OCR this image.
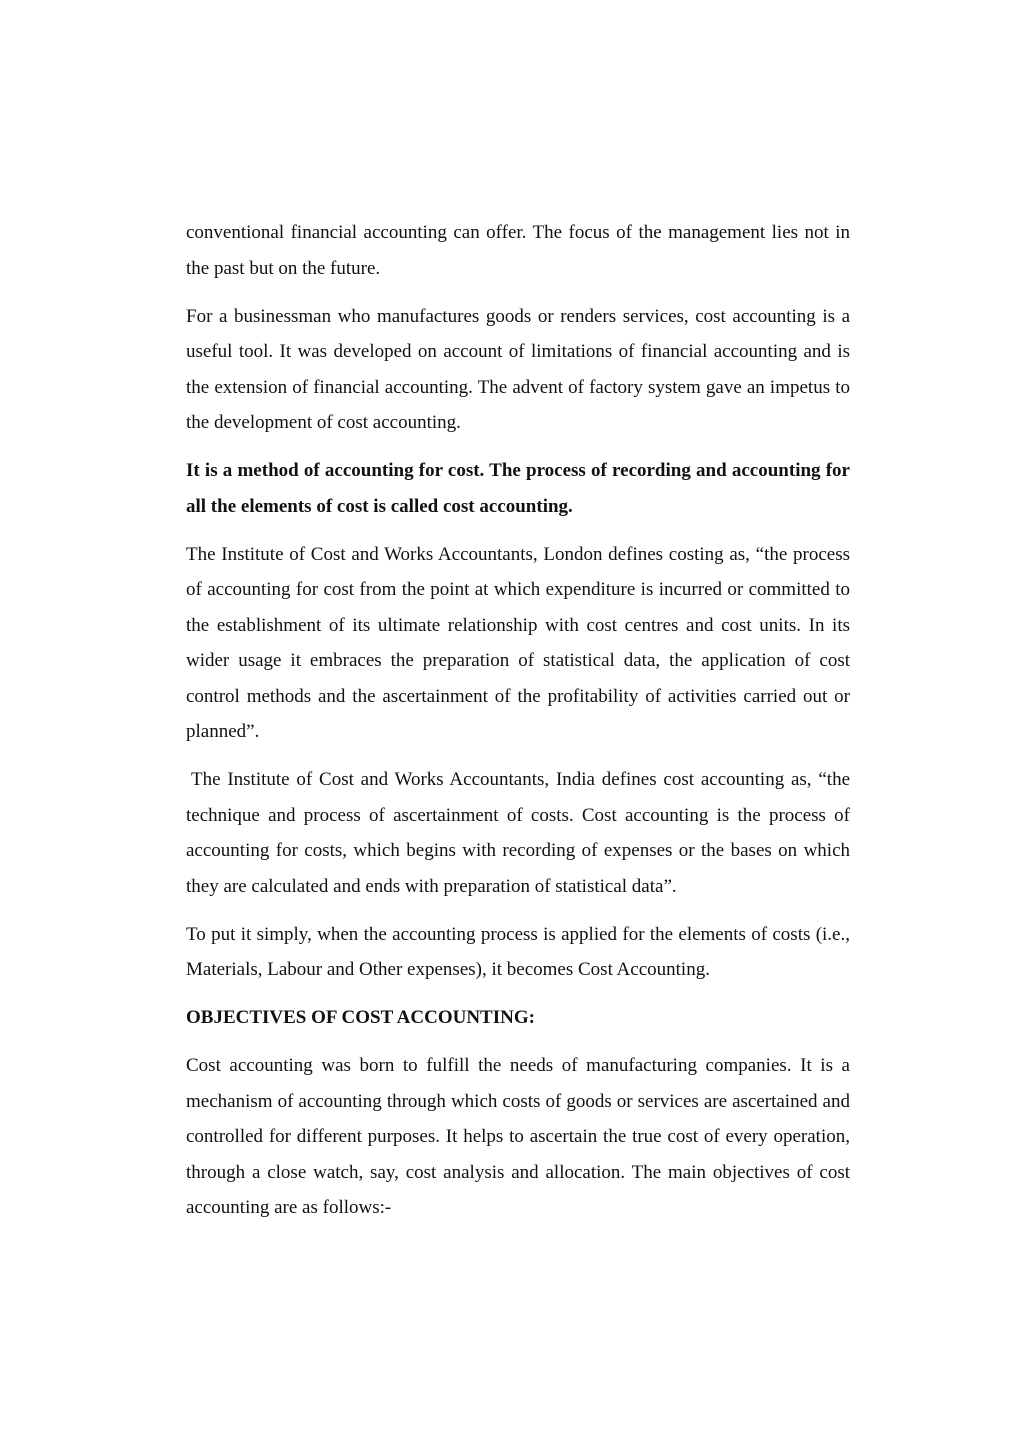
conventional financial accounting can offer. The focus of the management lies not in the past but on the future.

For a businessman who manufactures goods or renders services, cost accounting is a useful tool. It was developed on account of limitations of financial accounting and is the extension of financial accounting. The advent of factory system gave an impetus to the development of cost accounting.

It is a method of accounting for cost. The process of recording and accounting for all the elements of cost is called cost accounting.

The Institute of Cost and Works Accountants, London defines costing as, “the process of accounting for cost from the point at which expenditure is incurred or committed to the establishment of its ultimate relationship with cost centres and cost units. In its wider usage it embraces the preparation of statistical data, the application of cost control methods and the ascertainment of the profitability of activities carried out or planned”.

The Institute of Cost and Works Accountants, India defines cost accounting as, “the technique and process of ascertainment of costs. Cost accounting is the process of accounting for costs, which begins with recording of expenses or the bases on which they are calculated and ends with preparation of statistical data”.

To put it simply, when the accounting process is applied for the elements of costs (i.e., Materials, Labour and Other expenses), it becomes Cost Accounting.

OBJECTIVES OF COST ACCOUNTING:

Cost accounting was born to fulfill the needs of manufacturing companies. It is a mechanism of accounting through which costs of goods or services are ascertained and controlled for different purposes. It helps to ascertain the true cost of every operation, through a close watch, say, cost analysis and allocation. The main objectives of cost accounting are as follows:-
